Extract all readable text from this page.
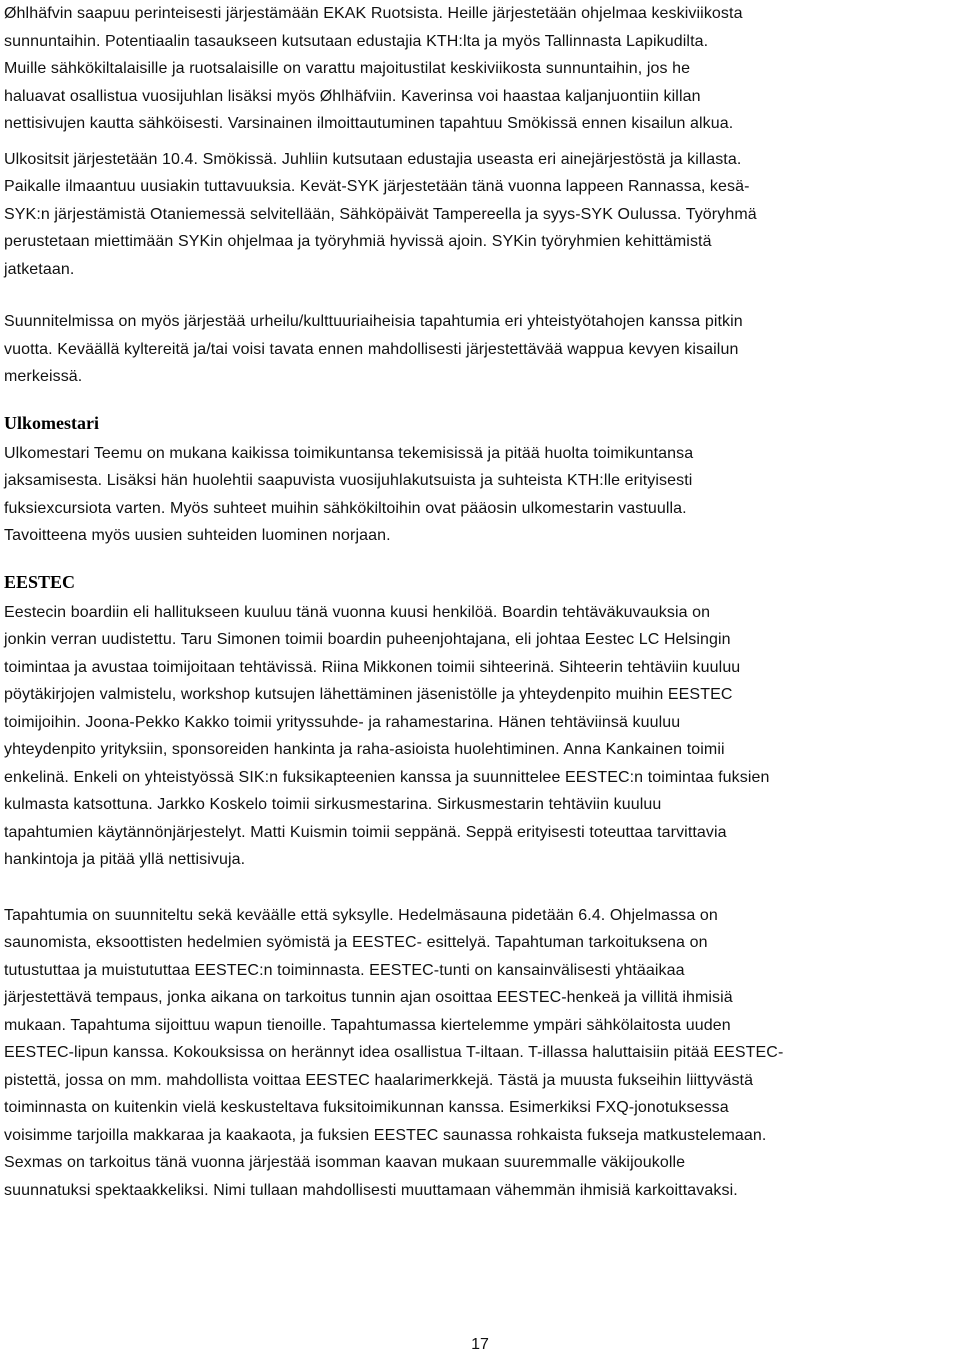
Øhlhäfvin saapuu perinteisesti järjestämään EKAK Ruotsista. Heille järjestetään ohjelmaa keskiviikosta
sunnuntaihin. Potentiaalin tasaukseen kutsutaan edustajia KTH:lta ja myös Tallinnasta Lapikudilta.
Muille sähkökiltalaisille ja ruotsalaisille on varattu majoitustilat keskiviikosta sunnuntaihin, jos he
haluavat osallistua vuosijuhlan lisäksi myös Øhlhäfviin. Kaverinsa voi haastaa kaljanjuontiin killan
nettisivujen kautta sähköisesti. Varsinainen ilmoittautuminen tapahtuu Smökissä ennen kisailun alkua.
Ulkositsit järjestetään 10.4. Smökissä. Juhliin kutsutaan edustajia useasta eri ainejärjestöstä ja killasta.
Paikalle ilmaantuu uusiakin tuttavuuksia. Kevät-SYK järjestetään tänä vuonna lappeen Rannassa, kesä-
SYK:n järjestämistä Otaniemessä selvitellään, Sähköpäivät Tampereella ja syys-SYK Oulussa. Työryhmä
perustetaan miettimään SYKin ohjelmaa ja työryhmiä hyvissä ajoin. SYKin työryhmien kehittämistä
jatketaan.
Suunnitelmissa on myös järjestää urheilu/kulttuuriaiheisia tapahtumia eri yhteistyötahojen kanssa pitkin
vuotta. Keväällä kyltereitä ja/tai voisi tavata ennen mahdollisesti järjestettävää wappua kevyen kisailun
merkeissä.
Ulkomestari
Ulkomestari Teemu on mukana kaikissa toimikuntansa tekemisissä ja pitää huolta toimikuntansa
jaksamisesta. Lisäksi hän huolehtii saapuvista vuosijuhlakutsuista ja suhteista KTH:lle erityisesti
fuksiexcursiota varten. Myös suhteet muihin sähkökiltoihin ovat pääosin ulkomestarin vastuulla.
Tavoitteena myös uusien suhteiden luominen norjaan.
EESTEC
Eestecin boardiin eli hallitukseen kuuluu tänä vuonna kuusi henkilöä. Boardin tehtäväkuvauksia on
jonkin verran uudistettu. Taru Simonen toimii boardin puheenjohtajana, eli johtaa Eestec LC Helsingin
toimintaa ja avustaa toimijoitaan tehtävissä. Riina Mikkonen toimii sihteerinä. Sihteerin tehtäviin kuuluu
pöytäkirjojen valmistelu, workshop kutsujen lähettäminen jäsenistölle ja yhteydenpito muihin EESTEC
toimijoihin. Joona-Pekko Kakko toimii yrityssuhde- ja rahamestarina. Hänen tehtäviinsä kuuluu
yhteydenpito yrityksiin, sponsoreiden hankinta ja raha-asioista huolehtiminen. Anna Kankainen toimii
enkelinä. Enkeli on yhteistyössä SIK:n fuksikapteenien kanssa ja suunnittelee EESTEC:n toimintaa fuksien
kulmasta katsottuna. Jarkko Koskelo toimii sirkusmestarina. Sirkusmestarin tehtäviin kuuluu
tapahtumien käytännönjärjestelyt. Matti Kuismin toimii seppänä. Seppä erityisesti toteuttaa tarvittavia
hankintoja ja pitää yllä nettisivuja.
Tapahtumia on suunniteltu sekä keväälle että syksylle. Hedelmäsauna pidetään 6.4. Ohjelmassa on
saunomista, eksoottisten hedelmien syömistä ja EESTEC- esittelyä. Tapahtuman tarkoituksena on
tutustuttaa ja muistututtaa EESTEC:n toiminnasta. EESTEC-tunti on kansainvälisesti yhtäaikaa
järjestettävä tempaus, jonka aikana on tarkoitus tunnin ajan osoittaa EESTEC-henkeä ja villitä ihmisiä
mukaan. Tapahtuma sijoittuu wapun tienoille. Tapahtumassa kiertelemme ympäri sähkölaitosta uuden
EESTEC-lipun kanssa. Kokouksissa on herännyt idea osallistua T-iltaan. T-illassa haluttaisiin pitää EESTEC-
pistettä, jossa on mm. mahdollista voittaa EESTEC haalarimerkkejä. Tästä ja muusta fukseihin liittyvästä
toiminnasta on kuitenkin vielä keskusteltava fuksitoimikunnan kanssa. Esimerkiksi FXQ-jonotuksessa
voisimme tarjoilla makkaraa ja kaakaota, ja fuksien EESTEC saunassa rohkaista fukseja matkustelemaan.
Sexmas on tarkoitus tänä vuonna järjestää isomman kaavan mukaan suuremmalle väkijoukolle
suunnatuksi spektaakkeliksi. Nimi tullaan mahdollisesti muuttamaan vähemmän ihmisiä karkoittavaksi.
17
